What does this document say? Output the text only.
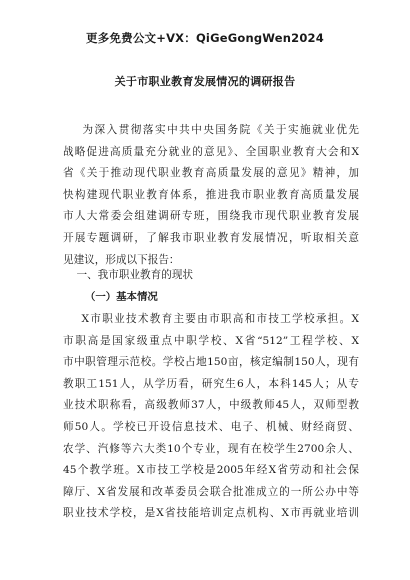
更多免费公文+VX：QiGeGongWen2024
关于市职业教育发展情况的调研报告
为深入贯彻落实中共中央国务院《关于实施就业优先
战略促进高质量充分就业的意见》、全国职业教育大会和X
省《关于推动现代职业教育高质量发展的意见》精神，加
快构建现代职业教育体系，推进我市职业教育高质量发展
市人大常委会组建调研专班，围绕我市现代职业教育发展
开展专题调研，了解我市职业教育发展情况，听取相关意
见建议，形成以下报告：
一、我市职业教育的现状
（一）基本情况
X市职业技术教育主要由市职高和市技工学校承担。X
市职高是国家级重点中职学校、X省“512”工程学校、X
市中职管理示范校。学校占地150亩，核定编制150人，现有
教职工151人，从学历看，研究生6人，本科145人；从专
业技术职称看，高级教师37人，中级教师45人，双师型教
师50人。学校已开设信息技术、电子、机械、财经商贸、
农学、汽修等六大类10个专业，现有在校学生2700余人、
45个教学班。X市技工学校是2005年经X省劳动和社会保
障厅、X省发展和改革委员会联合批准成立的一所公办中等
职业技术学校，是X省技能培训定点机构、X市再就业培训
